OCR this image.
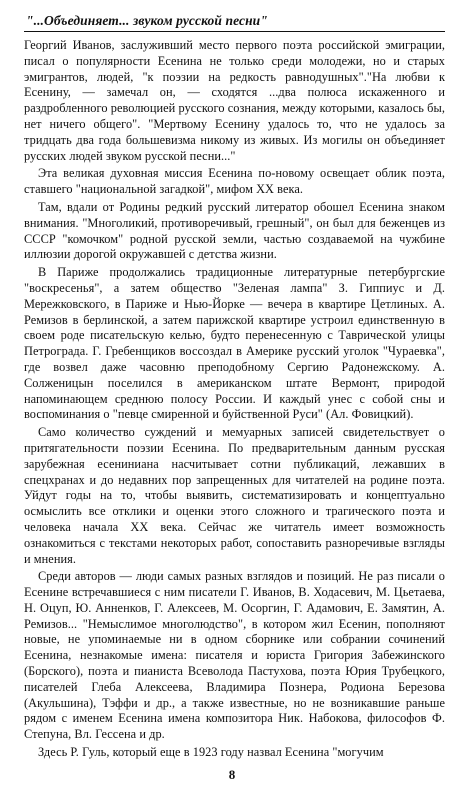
"...Объединяет... звуком русской песни"

Георгий Иванов, заслуживший место первого поэта российской эмиграции, писал о популярности Есенина не только среди молодежи, но и старых эмигрантов, людей, "к поэзии на редкость равнодушных"."На любви к Есенину, — замечал он, — сходятся ...два полюса искаженного и раздробленного революцией русского сознания, между которыми, казалось бы, нет ничего общего". "Мертвому Есенину удалось то, что не удалось за тридцать два года большевизма никому из живых. Из могилы он объединяет русских людей звуком русской песни..."

Эта великая духовная миссия Есенина по-новому освещает облик поэта, ставшего "национальной загадкой", мифом XX века.

Там, вдали от Родины редкий русский литератор обошел Есенина знаком внимания. "Многоликий, противоречивый, грешный", он был для беженцев из СССР "комочком" родной русской земли, частью создаваемой на чужбине иллюзии дорогой окружавшей с детства жизни.

В Париже продолжались традиционные литературные петербургские "воскресенья", а затем общество "Зеленая лампа" З. Гиппиус и Д. Мережковского, в Париже и Нью-Йорке — вечера в квартире Цетлиных. А. Ремизов в берлинской, а затем парижской квартире устроил единственную в своем роде писательскую келью, будто перенесенную с Таврической улицы Петрограда. Г. Гребенщиков воссоздал в Америке русский уголок "Чураевка", где возвел даже часовню преподобному Сергию Радонежскому. А. Солженицын поселился в американском штате Вермонт, природой напоминающем среднюю полосу России. И каждый унес с собой сны и воспоминания о "певце смиренной и буйственной Руси" (Ал. Фовицкий).

Само количество суждений и мемуарных записей свидетельствует о притягательности поэзии Есенина. По предварительным данным русская зарубежная есениниана насчитывает сотни публикаций, лежавших в спецхранах и до недавних пор запрещенных для читателей на родине поэта. Уйдут годы на то, чтобы выявить, систематизировать и концептуально осмыслить все отклики и оценки этого сложного и трагического поэта и человека начала XX века. Сейчас же читатель имеет возможность ознакомиться с текстами некоторых работ, сопоставить разноречивые взгляды и мнения.

Среди авторов — люди самых разных взглядов и позиций. Не раз писали о Есенине встречавшиеся с ним писатели Г. Иванов, В. Ходасевич, М. Цьетаева, Н. Оцуп, Ю. Анненков, Г. Алексеев, М. Осоргин, Г. Адамович, Е. Замятин, А. Ремизов... "Немыслимое многолюдство", в котором жил Есенин, пополняют новые, не упоминаемые ни в одном сборнике или собрании сочинений Есенина, незнакомые имена: писателя и юриста Григория Забежинского (Борского), поэта и пианиста Всеволода Пастухова, поэта Юрия Трубецкого, писателей Глеба Алексеева, Владимира Познера, Родиона Березова (Акульшина), Тэффи и др., а также известные, но не возникавшие раньше рядом с именем Есенина имена композитора Ник. Набокова, философов Ф. Степуна, Вл. Гессена и др.

Здесь Р. Гуль, который еще в 1923 году назвал Есенина "могучим

8
